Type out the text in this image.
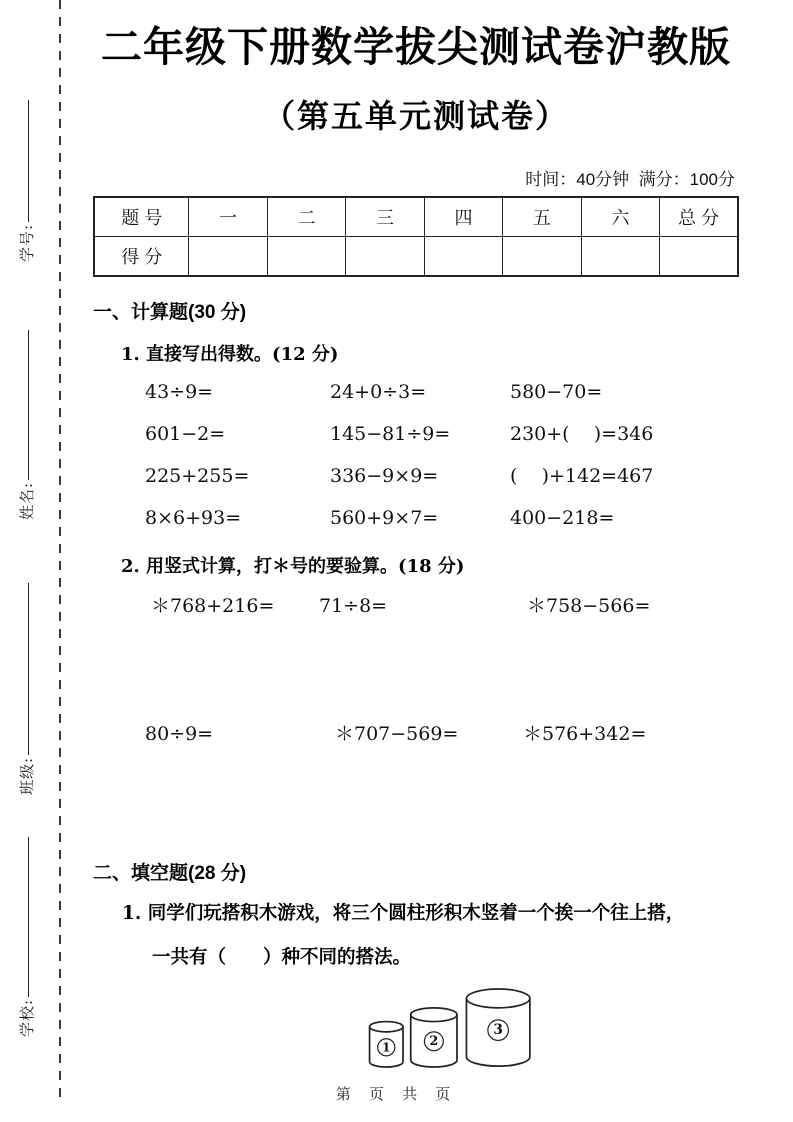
学号:
姓名:
班级:
学校:
二年级下册数学拔尖测试卷沪教版
（第五单元测试卷）
时间：40分钟  满分：100分
题 号	一	二	三	四	五	六	总 分
得 分							
一、计算题(30 分)
1. 直接写出得数。(12 分)
43÷9=	24+0÷3=	580−70=
601−2=	145−81÷9=	230+(    )=346
225+255=	336−9×9=	(    )+142=467
8×6+93=	560+9×7=	400−218=
2. 用竖式计算，打＊号的要验算。(18 分)
＊768+216=	71÷8=	＊758−566=
80÷9=	＊707−569=	＊576+342=
二、填空题(28 分)
1. 同学们玩搭积木游戏，将三个圆柱形积木竖着一个挨一个往上搭，
一共有（　　）种不同的搭法。
1	2
3
第 页 共 页
